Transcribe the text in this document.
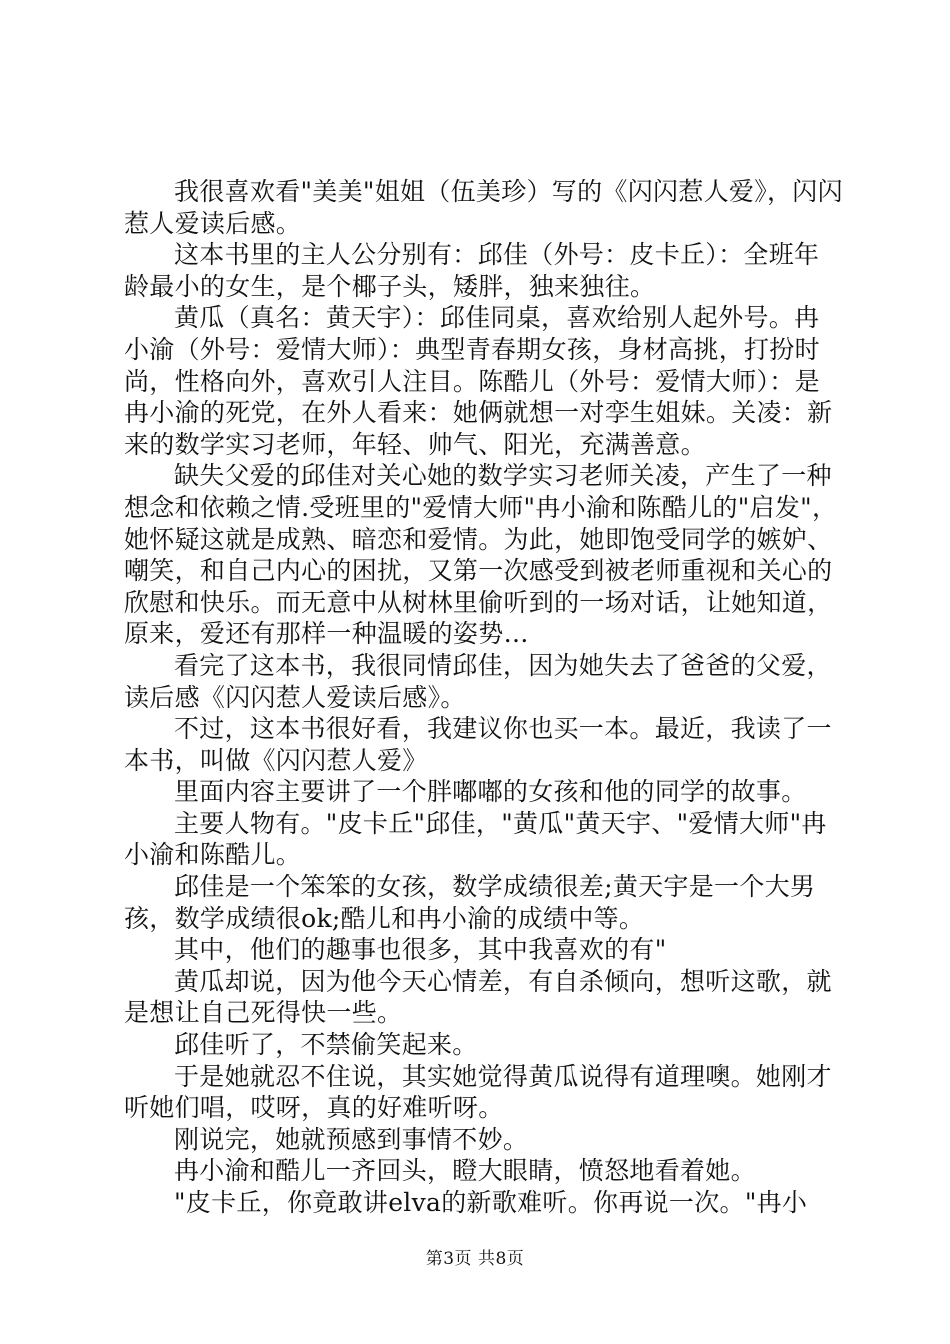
我很喜欢看"美美"姐姐（伍美珍）写的《闪闪惹人爱》，闪闪惹人爱读后感。

这本书里的主人公分别有：邱佳（外号：皮卡丘）：全班年龄最小的女生，是个椰子头，矮胖，独来独往。

黄瓜（真名：黄天宇）：邱佳同桌，喜欢给别人起外号。冉小渝（外号：爱情大师）：典型青春期女孩，身材高挑，打扮时尚，性格向外，喜欢引人注目。陈酷儿（外号：爱情大师）：是冉小渝的死党，在外人看来：她俩就想一对孪生姐妹。关凌：新来的数学实习老师，年轻、帅气、阳光，充满善意。

缺失父爱的邱佳对关心她的数学实习老师关凌，产生了一种想念和依赖之情.受班里的"爱情大师"冉小渝和陈酷儿的"启发"，她怀疑这就是成熟、暗恋和爱情。为此，她即饱受同学的嫉妒、嘲笑，和自己内心的困扰，又第一次感受到被老师重视和关心的欣慰和快乐。而无意中从树林里偷听到的一场对话，让她知道，原来，爱还有那样一种温暖的姿势…

看完了这本书，我很同情邱佳，因为她失去了爸爸的父爱，读后感《闪闪惹人爱读后感》。

不过，这本书很好看，我建议你也买一本。最近，我读了一本书，叫做《闪闪惹人爱》

里面内容主要讲了一个胖嘟嘟的女孩和他的同学的故事。

主要人物有。"皮卡丘"邱佳，"黄瓜"黄天宇、"爱情大师"冉小渝和陈酷儿。

邱佳是一个笨笨的女孩，数学成绩很差;黄天宇是一个大男孩，数学成绩很ok;酷儿和冉小渝的成绩中等。

其中，他们的趣事也很多，其中我喜欢的有"

黄瓜却说，因为他今天心情差，有自杀倾向，想听这歌，就是想让自己死得快一些。

邱佳听了，不禁偷笑起来。

于是她就忍不住说，其实她觉得黄瓜说得有道理噢。她刚才听她们唱，哎呀，真的好难听呀。

刚说完，她就预感到事情不妙。

冉小渝和酷儿一齐回头，瞪大眼睛，愤怒地看着她。

"皮卡丘，你竟敢讲elva的新歌难听。你再说一次。"冉小

第3页 共8页
